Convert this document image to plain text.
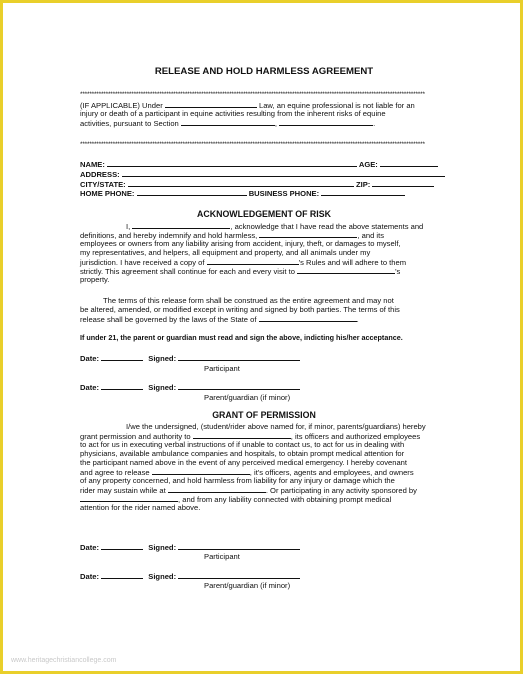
RELEASE AND HOLD HARMLESS AGREEMENT
****************************************************************************************************************************************************
(IF APPLICABLE) Under	Law, an equine professional is not liable for an
injury or death of a participant in equine activities resulting from the inherent risks of equine
activities, pursuant to Section	,	.
****************************************************************************************************************************************************
NAME:	AGE:
ADDRESS:
CITY/STATE:	ZIP:
HOME PHONE:	BUSINESS PHONE:
ACKNOWLEDGEMENT OF RISK
I,	, acknowledge that I have read the above statements and
definitions, and hereby indemnify and hold harmless,	, and its
employees or owners from any liability arising from accident, injury, theft, or damages to myself,
my representatives, and helpers, all equipment and property, and all animals under my
jurisdiction. I have received a copy of	's Rules and will adhere to them
strictly. This agreement shall continue for each and every visit to	's
property.
The terms of this release form shall be construed as the entire agreement and may not
be altered, amended, or modified except in writing and signed by both parties. The terms of this
release shall be governed by the laws of the State of	.
If under 21, the parent or guardian must read and sign the above, indicting his/her acceptance.
Date:	Signed:
Participant
Date:	Signed:
Parent/guardian (if minor)
GRANT OF PERMISSION
I/we the undersigned, (student/rider above named for, if minor, parents/guardians) hereby
grant permission and authority to	, its officers and authorized employees
to act for us in executing verbal instructions of if unable to contact us, to act for us in dealing with
physicians, available ambulance companies and hospitals, to obtain prompt medical attention for
the participant named above in the event of any perceived medical emergency. I hereby covenant
and agree to release	, it's officers, agents and employees, and owners
of any property concerned, and hold harmless from liability for any injury or damage which the
rider may sustain while at	. Or participating in any activity sponsored by
, and from any liability connected with obtaining prompt medical
attention for the rider named above.
Date:	Signed:
Participant
Date:	Signed:
Parent/guardian (if minor)
www.heritagechristiancollege.com
